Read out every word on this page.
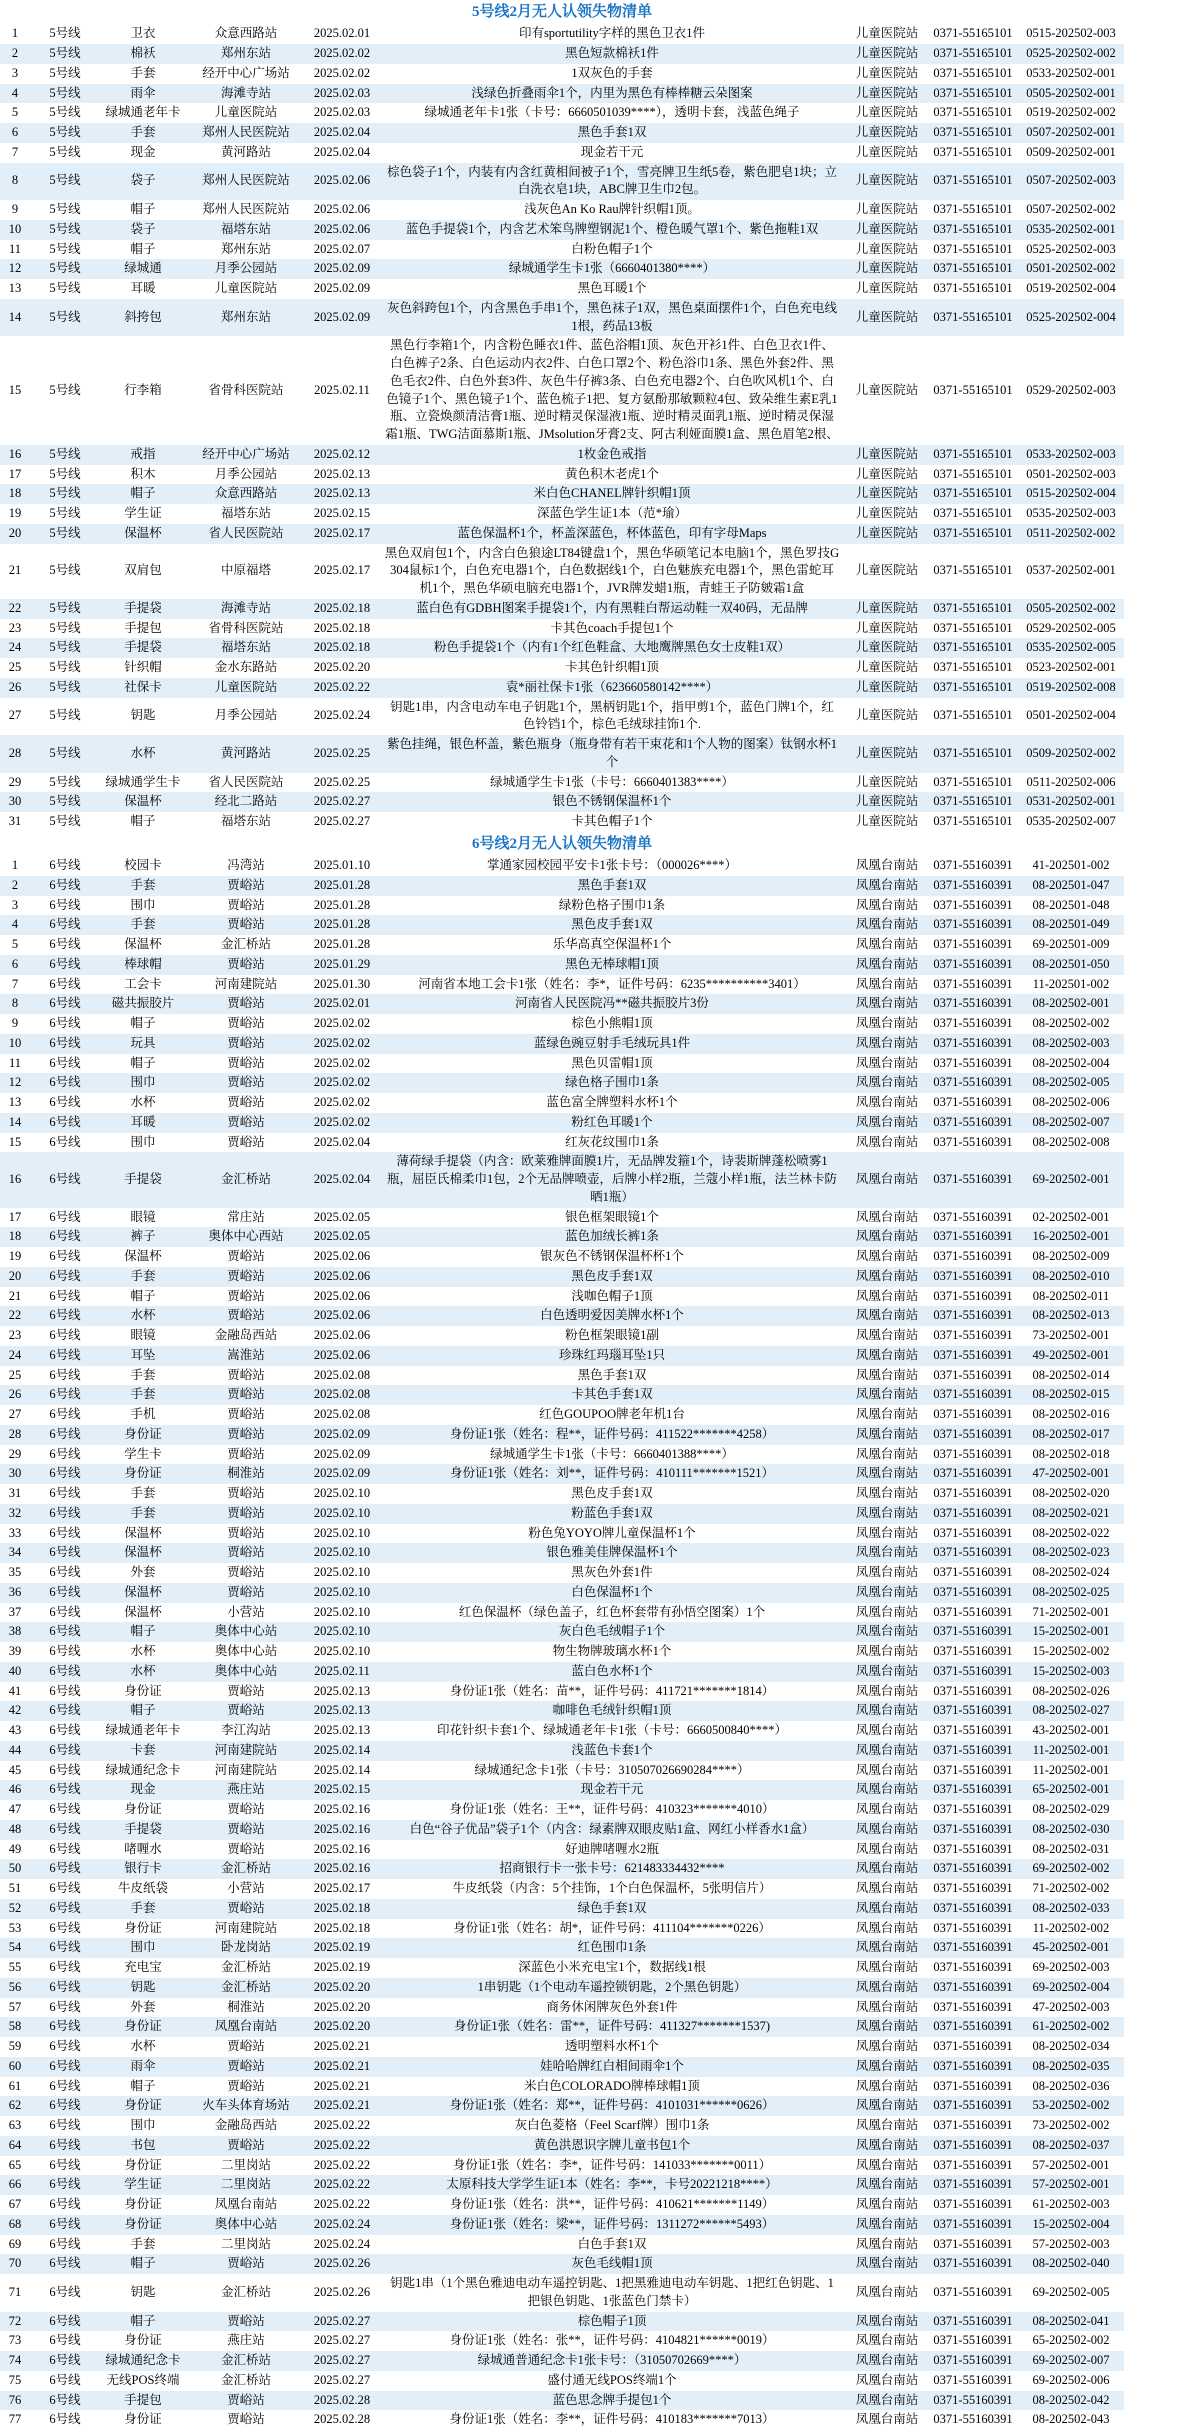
5号线2月无人认领失物清单								
1	5号线	卫衣	众意西路站	2025.02.01	印有sportutility字样的黑色卫衣1件	儿童医院站	0371-55165101	0515-202502-003
2	5号线	棉袄	郑州东站	2025.02.02	黑色短款棉袄1件	儿童医院站	0371-55165101	0525-202502-002
3	5号线	手套	经开中心广场站	2025.02.02	1双灰色的手套	儿童医院站	0371-55165101	0533-202502-001
4	5号线	雨伞	海滩寺站	2025.02.03	浅绿色折叠雨伞1个，内里为黑色有棒棒糖云朵图案	儿童医院站	0371-55165101	0505-202502-001
5	5号线	绿城通老年卡	儿童医院站	2025.02.03	绿城通老年卡1张（卡号：6660501039****），透明卡套，浅蓝色绳子	儿童医院站	0371-55165101	0519-202502-002
6	5号线	手套	郑州人民医院站	2025.02.04	黑色手套1双	儿童医院站	0371-55165101	0507-202502-001
7	5号线	现金	黄河路站	2025.02.04	现金若干元	儿童医院站	0371-55165101	0509-202502-001
8	5号线	袋子	郑州人民医院站	2025.02.06	棕色袋子1个，内装有内含红黄相间被子1个，雪亮牌卫生纸5卷，紫色肥皂1块；立白洗衣皂1块，ABC牌卫生巾2包。	儿童医院站	0371-55165101	0507-202502-003
9	5号线	帽子	郑州人民医院站	2025.02.06	浅灰色An Ko Rau牌针织帽1顶。	儿童医院站	0371-55165101	0507-202502-002
10	5号线	袋子	福塔东站	2025.02.06	蓝色手提袋1个，内含艺术笨鸟牌塑钢泥1个、橙色暖气罩1个、紫色拖鞋1双	儿童医院站	0371-55165101	0535-202502-001
11	5号线	帽子	郑州东站	2025.02.07	白粉色帽子1个	儿童医院站	0371-55165101	0525-202502-003
12	5号线	绿城通	月季公园站	2025.02.09	绿城通学生卡1张（6660401380****）	儿童医院站	0371-55165101	0501-202502-002
13	5号线	耳暖	儿童医院站	2025.02.09	黑色耳暖1个	儿童医院站	0371-55165101	0519-202502-004
14	5号线	斜挎包	郑州东站	2025.02.09	灰色斜跨包1个，内含黑色手串1个，黑色袜子1双，黑色桌面摆件1个，白色充电线1根，药品13板	儿童医院站	0371-55165101	0525-202502-004
15	5号线	行李箱	省骨科医院站	2025.02.11	黑色行李箱1个，内含粉色睡衣1件、蓝色浴帽1顶、灰色开衫1件、白色卫衣1件、白色裤子2条、白色运动内衣2件、白色口罩2个、粉色浴巾1条、黑色外套2件、黑色毛衣2件、白色外套3件、灰色牛仔裤3条、白色充电器2个、白色吹风机1个、白色镜子1个、黑色镜子1个、蓝色梳子1把、复方氨酚那敏颗粒4包、致朵维生素E乳1瓶、立瓷焕颜清洁膏1瓶、逆时精灵保湿液1瓶、逆时精灵面乳1瓶、逆时精灵保湿霜1瓶、TWG洁面慕斯1瓶、JMsolution牙膏2支、阿古利娅面膜1盒、黑色眉笔2根、	儿童医院站	0371-55165101	0529-202502-003
16	5号线	戒指	经开中心广场站	2025.02.12	1枚金色戒指	儿童医院站	0371-55165101	0533-202502-003
17	5号线	积木	月季公园站	2025.02.13	黄色积木老虎1个	儿童医院站	0371-55165101	0501-202502-003
18	5号线	帽子	众意西路站	2025.02.13	米白色CHANEL牌针织帽1顶	儿童医院站	0371-55165101	0515-202502-004
19	5号线	学生证	福塔东站	2025.02.15	深蓝色学生证1本（范*瑜）	儿童医院站	0371-55165101	0535-202502-003
20	5号线	保温杯	省人民医院站	2025.02.17	蓝色保温杯1个，杯盖深蓝色，杯体蓝色，印有字母Maps	儿童医院站	0371-55165101	0511-202502-002
21	5号线	双肩包	中原福塔	2025.02.17	黑色双肩包1个，内含白色狼途LT84键盘1个，黑色华硕笔记本电脑1个，黑色罗技G304鼠标1个，白色充电器1个，白色数据线1个，白色魅族充电器1个，黑色雷蛇耳机1个，黑色华硕电脑充电器1个，JVR牌发蜡1瓶，青蛙王子防皴霜1盒	儿童医院站	0371-55165101	0537-202502-001
22	5号线	手提袋	海滩寺站	2025.02.18	蓝白色有GDBH图案手提袋1个，内有黑鞋白帮运动鞋一双40码，无品牌	儿童医院站	0371-55165101	0505-202502-002
23	5号线	手提包	省骨科医院站	2025.02.18	卡其色coach手提包1个	儿童医院站	0371-55165101	0529-202502-005
24	5号线	手提袋	福塔东站	2025.02.18	粉色手提袋1个（内有1个红色鞋盒、大地鹰牌黑色女士皮鞋1双）	儿童医院站	0371-55165101	0535-202502-005
25	5号线	针织帽	金水东路站	2025.02.20	卡其色针织帽1顶	儿童医院站	0371-55165101	0523-202502-001
26	5号线	社保卡	儿童医院站	2025.02.22	袁*丽社保卡1张（623660580142****）	儿童医院站	0371-55165101	0519-202502-008
27	5号线	钥匙	月季公园站	2025.02.24	钥匙1串，内含电动车电子钥匙1个，黑柄钥匙1个，指甲剪1个，蓝色门牌1个，红色铃铛1个，棕色毛绒球挂饰1个.	儿童医院站	0371-55165101	0501-202502-004
28	5号线	水杯	黄河路站	2025.02.25	紫色挂绳，银色杯盖，紫色瓶身（瓶身带有若干束花和1个人物的图案）钛钢水杯1个	儿童医院站	0371-55165101	0509-202502-002
29	5号线	绿城通学生卡	省人民医院站	2025.02.25	绿城通学生卡1张（卡号：6660401383****）	儿童医院站	0371-55165101	0511-202502-006
30	5号线	保温杯	经北二路站	2025.02.27	银色不锈钢保温杯1个	儿童医院站	0371-55165101	0531-202502-001
31	5号线	帽子	福塔东站	2025.02.27	卡其色帽子1个	儿童医院站	0371-55165101	0535-202502-007
6号线2月无人认领失物清单								
1	6号线	校园卡	冯湾站	2025.01.10	掌通家园校园平安卡1张卡号：（000026****）	凤凰台南站	0371-55160391	41-202501-002
2	6号线	手套	贾峪站	2025.01.28	黑色手套1双	凤凰台南站	0371-55160391	08-202501-047
3	6号线	围巾	贾峪站	2025.01.28	绿粉色格子围巾1条	凤凰台南站	0371-55160391	08-202501-048
4	6号线	手套	贾峪站	2025.01.28	黑色皮手套1双	凤凰台南站	0371-55160391	08-202501-049
5	6号线	保温杯	金汇桥站	2025.01.28	乐华高真空保温杯1个	凤凰台南站	0371-55160391	69-202501-009
6	6号线	棒球帽	贾峪站	2025.01.29	黑色无棒球帽1顶	凤凰台南站	0371-55160391	08-202501-050
7	6号线	工会卡	河南建院站	2025.01.30	河南省本地工会卡1张（姓名：李*，证件号码：6235**********3401）	凤凰台南站	0371-55160391	11-202501-002
8	6号线	磁共振胶片	贾峪站	2025.02.01	河南省人民医院冯**磁共振胶片3份	凤凰台南站	0371-55160391	08-202502-001
9	6号线	帽子	贾峪站	2025.02.02	棕色小熊帽1顶	凤凰台南站	0371-55160391	08-202502-002
10	6号线	玩具	贾峪站	2025.02.02	蓝绿色豌豆射手毛绒玩具1件	凤凰台南站	0371-55160391	08-202502-003
11	6号线	帽子	贾峪站	2025.02.02	黑色贝雷帽1顶	凤凰台南站	0371-55160391	08-202502-004
12	6号线	围巾	贾峪站	2025.02.02	绿色格子围巾1条	凤凰台南站	0371-55160391	08-202502-005
13	6号线	水杯	贾峪站	2025.02.02	蓝色富全牌塑料水杯1个	凤凰台南站	0371-55160391	08-202502-006
14	6号线	耳暖	贾峪站	2025.02.02	粉红色耳暖1个	凤凰台南站	0371-55160391	08-202502-007
15	6号线	围巾	贾峪站	2025.02.04	红灰花纹围巾1条	凤凰台南站	0371-55160391	08-202502-008
16	6号线	手提袋	金汇桥站	2025.02.04	薄荷绿手提袋（内含：欧莱雅牌面膜1片，无品牌发箍1个，诗裴斯牌蓬松喷雾1瓶，屈臣氏棉柔巾1包，2个无品牌喷壶，后牌小样2瓶，兰蔻小样1瓶，法兰林卡防晒1瓶）	凤凰台南站	0371-55160391	69-202502-001
17	6号线	眼镜	常庄站	2025.02.05	银色框架眼镜1个	凤凰台南站	0371-55160391	02-202502-001
18	6号线	裤子	奥体中心西站	2025.02.05	蓝色加绒长裤1条	凤凰台南站	0371-55160391	16-202502-001
19	6号线	保温杯	贾峪站	2025.02.06	银灰色不锈钢保温杯杯1个	凤凰台南站	0371-55160391	08-202502-009
20	6号线	手套	贾峪站	2025.02.06	黑色皮手套1双	凤凰台南站	0371-55160391	08-202502-010
21	6号线	帽子	贾峪站	2025.02.06	浅咖色帽子1顶	凤凰台南站	0371-55160391	08-202502-011
22	6号线	水杯	贾峪站	2025.02.06	白色透明爱因美牌水杯1个	凤凰台南站	0371-55160391	08-202502-013
23	6号线	眼镜	金融岛西站	2025.02.06	粉色框架眼镜1副	凤凰台南站	0371-55160391	73-202502-001
24	6号线	耳坠	嵩淮站	2025.02.06	珍珠红玛瑙耳坠1只	凤凰台南站	0371-55160391	49-202502-001
25	6号线	手套	贾峪站	2025.02.08	黑色手套1双	凤凰台南站	0371-55160391	08-202502-014
26	6号线	手套	贾峪站	2025.02.08	卡其色手套1双	凤凰台南站	0371-55160391	08-202502-015
27	6号线	手机	贾峪站	2025.02.08	红色GOUPOO牌老年机1台	凤凰台南站	0371-55160391	08-202502-016
28	6号线	身份证	贾峪站	2025.02.09	身份证1张（姓名：程**，证件号码：411522*******4258）	凤凰台南站	0371-55160391	08-202502-017
29	6号线	学生卡	贾峪站	2025.02.09	绿城通学生卡1张（卡号：6660401388****）	凤凰台南站	0371-55160391	08-202502-018
30	6号线	身份证	桐淮站	2025.02.09	身份证1张（姓名：刘**，证件号码：410111*******1521）	凤凰台南站	0371-55160391	47-202502-001
31	6号线	手套	贾峪站	2025.02.10	黑色皮手套1双	凤凰台南站	0371-55160391	08-202502-020
32	6号线	手套	贾峪站	2025.02.10	粉蓝色手套1双	凤凰台南站	0371-55160391	08-202502-021
33	6号线	保温杯	贾峪站	2025.02.10	粉色兔YOYO牌儿童保温杯1个	凤凰台南站	0371-55160391	08-202502-022
34	6号线	保温杯	贾峪站	2025.02.10	银色雅美佳牌保温杯1个	凤凰台南站	0371-55160391	08-202502-023
35	6号线	外套	贾峪站	2025.02.10	黑灰色外套1件	凤凰台南站	0371-55160391	08-202502-024
36	6号线	保温杯	贾峪站	2025.02.10	白色保温杯1个	凤凰台南站	0371-55160391	08-202502-025
37	6号线	保温杯	小营站	2025.02.10	红色保温杯（绿色盖子，红色杯套带有孙悟空图案）1个	凤凰台南站	0371-55160391	71-202502-001
38	6号线	帽子	奥体中心站	2025.02.10	灰白色毛绒帽子1个	凤凰台南站	0371-55160391	15-202502-001
39	6号线	水杯	奥体中心站	2025.02.10	物生物牌玻璃水杯1个	凤凰台南站	0371-55160391	15-202502-002
40	6号线	水杯	奥体中心站	2025.02.11	蓝白色水杯1个	凤凰台南站	0371-55160391	15-202502-003
41	6号线	身份证	贾峪站	2025.02.13	身份证1张（姓名：苗**，证件号码：411721*******1814）	凤凰台南站	0371-55160391	08-202502-026
42	6号线	帽子	贾峪站	2025.02.13	咖啡色毛绒针织帽1顶	凤凰台南站	0371-55160391	08-202502-027
43	6号线	绿城通老年卡	李江沟站	2025.02.13	印花针织卡套1个、绿城通老年卡1张（卡号：6660500840****）	凤凰台南站	0371-55160391	43-202502-001
44	6号线	卡套	河南建院站	2025.02.14	浅蓝色卡套1个	凤凰台南站	0371-55160391	11-202502-001
45	6号线	绿城通纪念卡	河南建院站	2025.02.14	绿城通纪念卡1张（卡号：310507026690284****）	凤凰台南站	0371-55160391	11-202502-001
46	6号线	现金	燕庄站	2025.02.15	现金若干元	凤凰台南站	0371-55160391	65-202502-001
47	6号线	身份证	贾峪站	2025.02.16	身份证1张（姓名：王**，证件号码：410323*******4010）	凤凰台南站	0371-55160391	08-202502-029
48	6号线	手提袋	贾峪站	2025.02.16	白色“谷子优品”袋子1个（内含：绿素牌双眼皮贴1盒、网红小样香水1盒）	凤凰台南站	0371-55160391	08-202502-030
49	6号线	啫喱水	贾峪站	2025.02.16	好迪牌啫喱水2瓶	凤凰台南站	0371-55160391	08-202502-031
50	6号线	银行卡	金汇桥站	2025.02.16	招商银行卡一张卡号：621483334432****	凤凰台南站	0371-55160391	69-202502-002
51	6号线	牛皮纸袋	小营站	2025.02.17	牛皮纸袋（内含：5个挂饰，1个白色保温杯，5张明信片）	凤凰台南站	0371-55160391	71-202502-002
52	6号线	手套	贾峪站	2025.02.18	绿色手套1双	凤凰台南站	0371-55160391	08-202502-033
53	6号线	身份证	河南建院站	2025.02.18	身份证1张（姓名：胡*，证件号码：411104*******0226）	凤凰台南站	0371-55160391	11-202502-002
54	6号线	围巾	卧龙岗站	2025.02.19	红色围巾1条	凤凰台南站	0371-55160391	45-202502-001
55	6号线	充电宝	金汇桥站	2025.02.19	深蓝色小米充电宝1个，数据线1根	凤凰台南站	0371-55160391	69-202502-003
56	6号线	钥匙	金汇桥站	2025.02.20	1串钥匙（1个电动车遥控锁钥匙，2个黑色钥匙）	凤凰台南站	0371-55160391	69-202502-004
57	6号线	外套	桐淮站	2025.02.20	商务休闲牌灰色外套1件	凤凰台南站	0371-55160391	47-202502-003
58	6号线	身份证	凤凰台南站	2025.02.20	身份证1张（姓名：雷**，证件号码：411327*******1537)	凤凰台南站	0371-55160391	61-202502-002
59	6号线	水杯	贾峪站	2025.02.21	透明塑料水杯1个	凤凰台南站	0371-55160391	08-202502-034
60	6号线	雨伞	贾峪站	2025.02.21	娃哈哈牌红白相间雨伞1个	凤凰台南站	0371-55160391	08-202502-035
61	6号线	帽子	贾峪站	2025.02.21	米白色COLORADO牌棒球帽1顶	凤凰台南站	0371-55160391	08-202502-036
62	6号线	身份证	火车头体育场站	2025.02.21	身份证1张（姓名：郑**，证件号码：4101031******0626）	凤凰台南站	0371-55160391	53-202502-002
63	6号线	围巾	金融岛西站	2025.02.22	灰白色菱格（Feel Scarf牌）围巾1条	凤凰台南站	0371-55160391	73-202502-002
64	6号线	书包	贾峪站	2025.02.22	黄色洪恩识字牌儿童书包1个	凤凰台南站	0371-55160391	08-202502-037
65	6号线	身份证	二里岗站	2025.02.22	身份证1张（姓名：李*，证件号码：141033*******0011）	凤凰台南站	0371-55160391	57-202502-001
66	6号线	学生证	二里岗站	2025.02.22	太原科技大学学生证1本（姓名：李**，卡号20221218****）	凤凰台南站	0371-55160391	57-202502-001
67	6号线	身份证	凤凰台南站	2025.02.22	身份证1张（姓名：洪**，证件号码：410621*******1149）	凤凰台南站	0371-55160391	61-202502-003
68	6号线	身份证	奥体中心站	2025.02.24	身份证1张（姓名：梁**，证件号码：1311272******5493）	凤凰台南站	0371-55160391	15-202502-004
69	6号线	手套	二里岗站	2025.02.24	白色手套1双	凤凰台南站	0371-55160391	57-202502-003
70	6号线	帽子	贾峪站	2025.02.26	灰色毛线帽1顶	凤凰台南站	0371-55160391	08-202502-040
71	6号线	钥匙	金汇桥站	2025.02.26	钥匙1串（1个黑色雅迪电动车遥控钥匙、1把黑雅迪电动车钥匙、1把红色钥匙、1把银色钥匙、1张蓝色门禁卡）	凤凰台南站	0371-55160391	69-202502-005
72	6号线	帽子	贾峪站	2025.02.27	棕色帽子1顶	凤凰台南站	0371-55160391	08-202502-041
73	6号线	身份证	燕庄站	2025.02.27	身份证1张（姓名：张**，证件号码：4104821******0019）	凤凰台南站	0371-55160391	65-202502-002
74	6号线	绿城通纪念卡	金汇桥站	2025.02.27	绿城通普通纪念卡1张卡号：（31050702669****）	凤凰台南站	0371-55160391	69-202502-007
75	6号线	无线POS终端	金汇桥站	2025.02.27	盛付通无线POS终端1个	凤凰台南站	0371-55160391	69-202502-006
76	6号线	手提包	贾峪站	2025.02.28	蓝色思念牌手提包1个	凤凰台南站	0371-55160391	08-202502-042
77	6号线	身份证	贾峪站	2025.02.28	身份证1张（姓名：李**，证件号码：410183*******7013）	凤凰台南站	0371-55160391	08-202502-043
